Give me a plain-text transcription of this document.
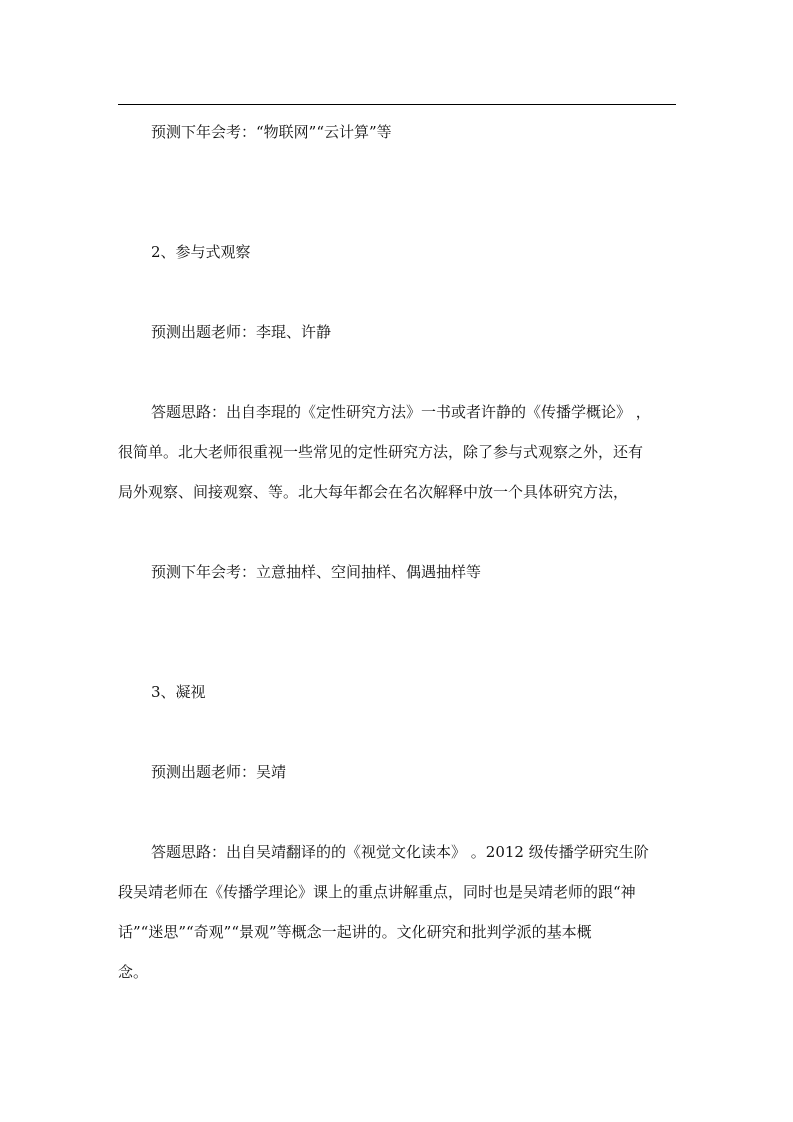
预测下年会考：“物联网”“云计算”等
2、参与式观察
预测出题老师：李琨、许静
答题思路：出自李琨的《定性研究方法》一书或者许静的《传播学概论》 ，
很简单。北大老师很重视一些常见的定性研究方法，除了参与式观察之外，还有
局外观察、间接观察、等。北大每年都会在名次解释中放一个具体研究方法，
预测下年会考：立意抽样、空间抽样、偶遇抽样等
3、凝视
预测出题老师：吴靖
答题思路：出自吴靖翻译的的《视觉文化读本》 。2012 级传播学研究生阶
段吴靖老师在《传播学理论》课上的重点讲解重点，同时也是吴靖老师的跟“神
话”“迷思”“奇观”“景观”等概念一起讲的。文化研究和批判学派的基本概
念。
